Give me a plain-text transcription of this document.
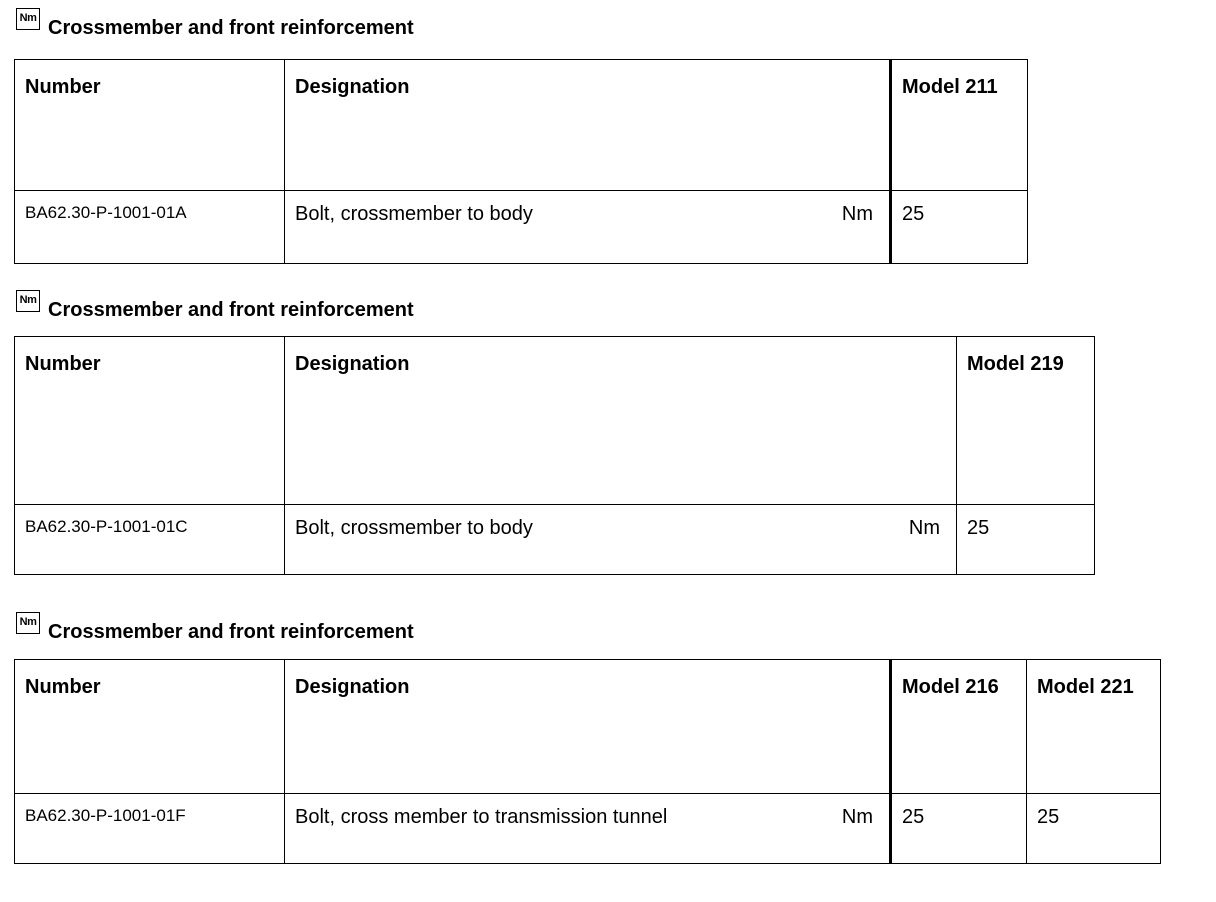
Nm Crossmember and front reinforcement
Number	Designation	Model 211
BA62.30-P-1001-01A	Bolt, crossmember to body Nm	25
Nm Crossmember and front reinforcement
Number	Designation	Model 219
BA62.30-P-1001-01C	Bolt, crossmember to body Nm	25
Nm Crossmember and front reinforcement
Number	Designation	Model 216	Model 221
BA62.30-P-1001-01F	Bolt, cross member to transmission tunnel Nm	25	25
